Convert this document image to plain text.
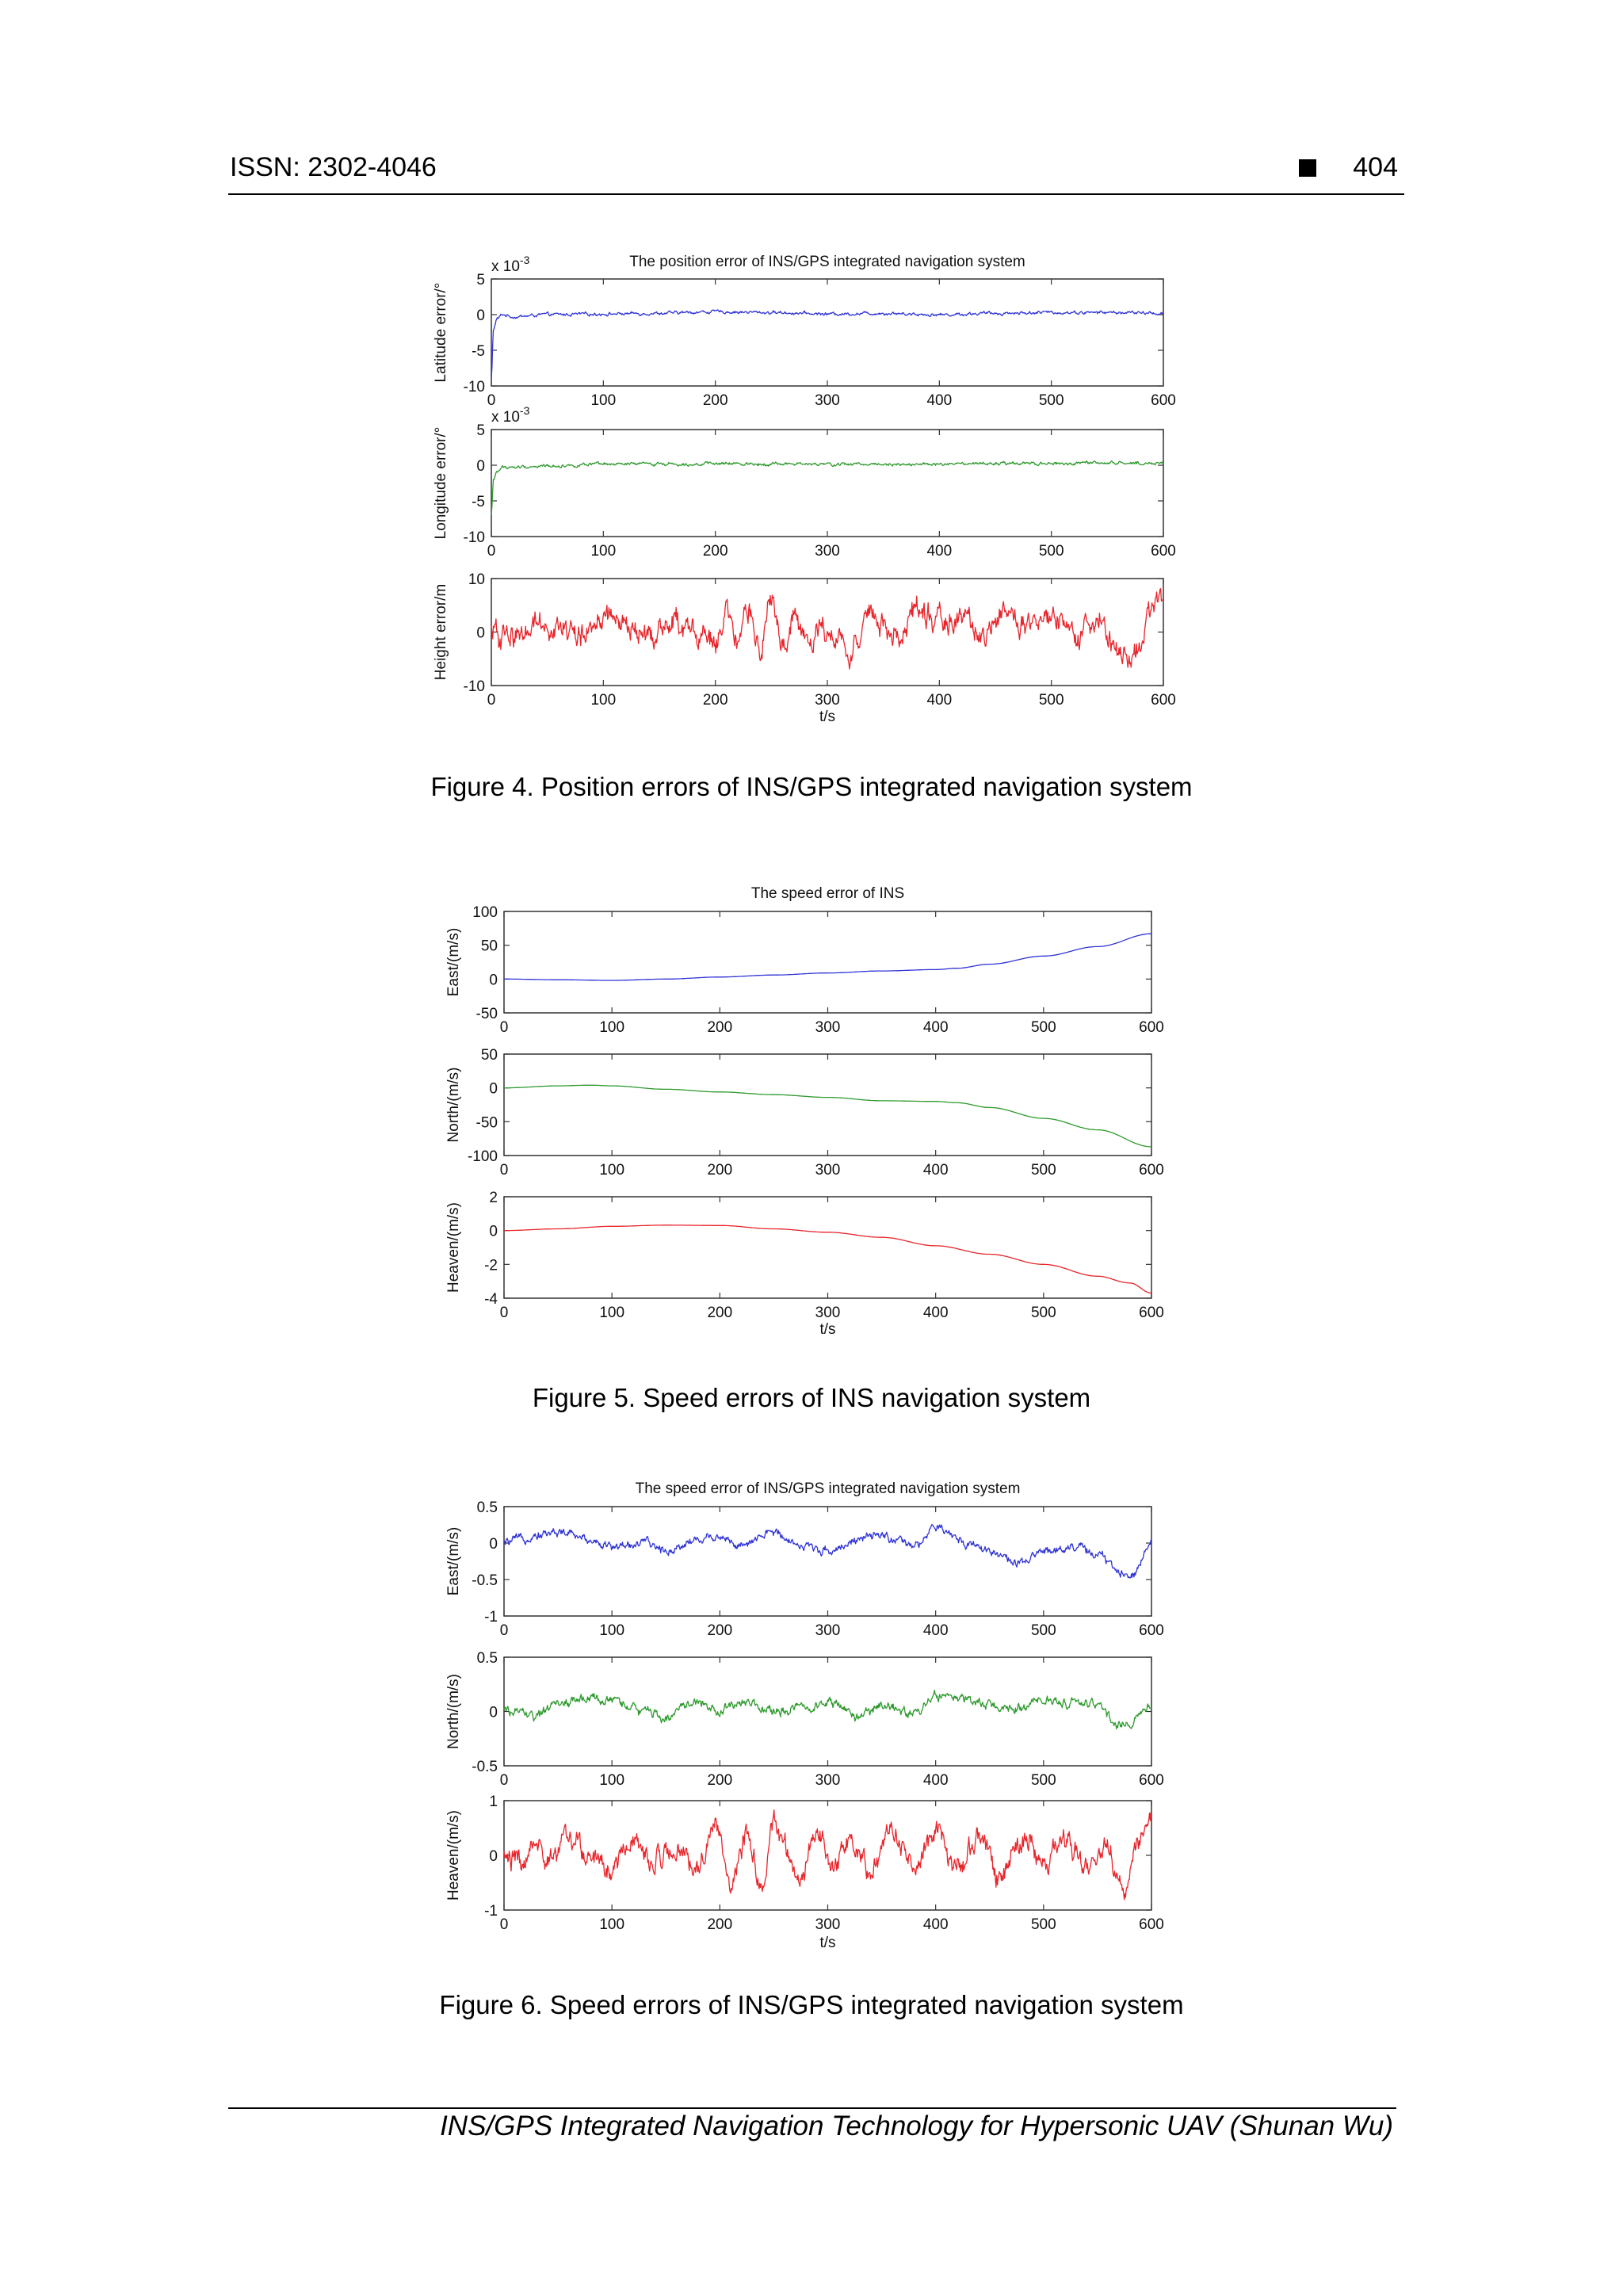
ISSN: 2302-4046	404
The position error of INS/GPS integrated navigation system
0	100	200	300	400	500	600
5
0
-5
-10
x $10^{-3}$
Latitude error/°
0	100	200	300	400	500	600
5
0
-5
-10
x $10^{-3}$
Longitude error/°
0	100	200	300	400	500	600
10
0
-10
Height error/m
t/s
Figure 4. Position errors of INS/GPS integrated navigation system
The speed error of INS
0	100	200	300	400	500	600
100
50
0
-50
East/(m/s)
0	100	200	300	400	500	600
50
0
-50
-100
North/(m/s)
0	100	200	300	400	500	600
2
0
-2
-4
Heaven/(m/s)
t/s
Figure 5. Speed errors of INS navigation system
The speed error of INS/GPS integrated navigation system
0	100	200	300	400	500	600
0.5
0
-0.5
-1
East/(m/s)
0	100	200	300	400	500	600
0.5
0
-0.5
North/(m/s)
0	100	200	300	400	500	600
1
0
-1
Heaven/(m/s)
t/s
Figure 6. Speed errors of INS/GPS integrated navigation system
INS/GPS Integrated Navigation Technology for Hypersonic UAV (Shunan Wu)
